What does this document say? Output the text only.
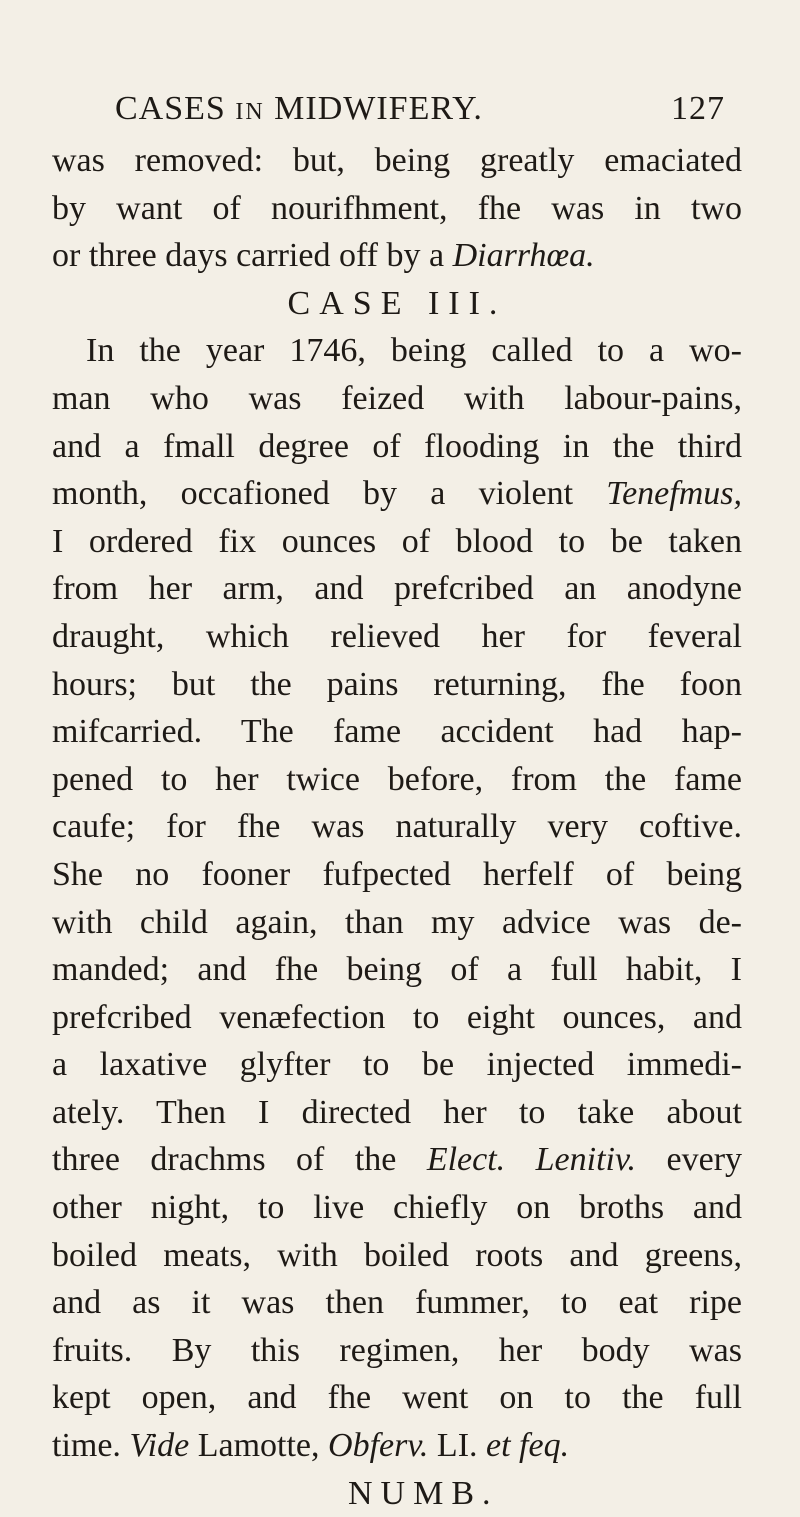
CASES IN MIDWIFERY.	127
was removed: but, being greatly emaciated
by want of nourifhment, fhe was in two
or three days carried off by a Diarrhœa.
CASE III.
In the year 1746, being called to a wo-
man who was feized with labour-pains,
and a fmall degree of flooding in the third
month, occafioned by a violent Tenefmus,
I ordered fix ounces of blood to be taken
from her arm, and prefcribed an anodyne
draught, which relieved her for feveral
hours; but the pains returning, fhe foon
mifcarried. The fame accident had hap-
pened to her twice before, from the fame
caufe; for fhe was naturally very coftive.
She no fooner fufpected herfelf of being
with child again, than my advice was de-
manded; and fhe being of a full habit, I
prefcribed venæfection to eight ounces, and
a laxative glyfter to be injected immedi-
ately. Then I directed her to take about
three drachms of the Elect. Lenitiv. every
other night, to live chiefly on broths and
boiled meats, with boiled roots and greens,
and as it was then fummer, to eat ripe
fruits. By this regimen, her body was
kept open, and fhe went on to the full
time. Vide Lamotte, Obferv. LI. et feq.
NUMB.
